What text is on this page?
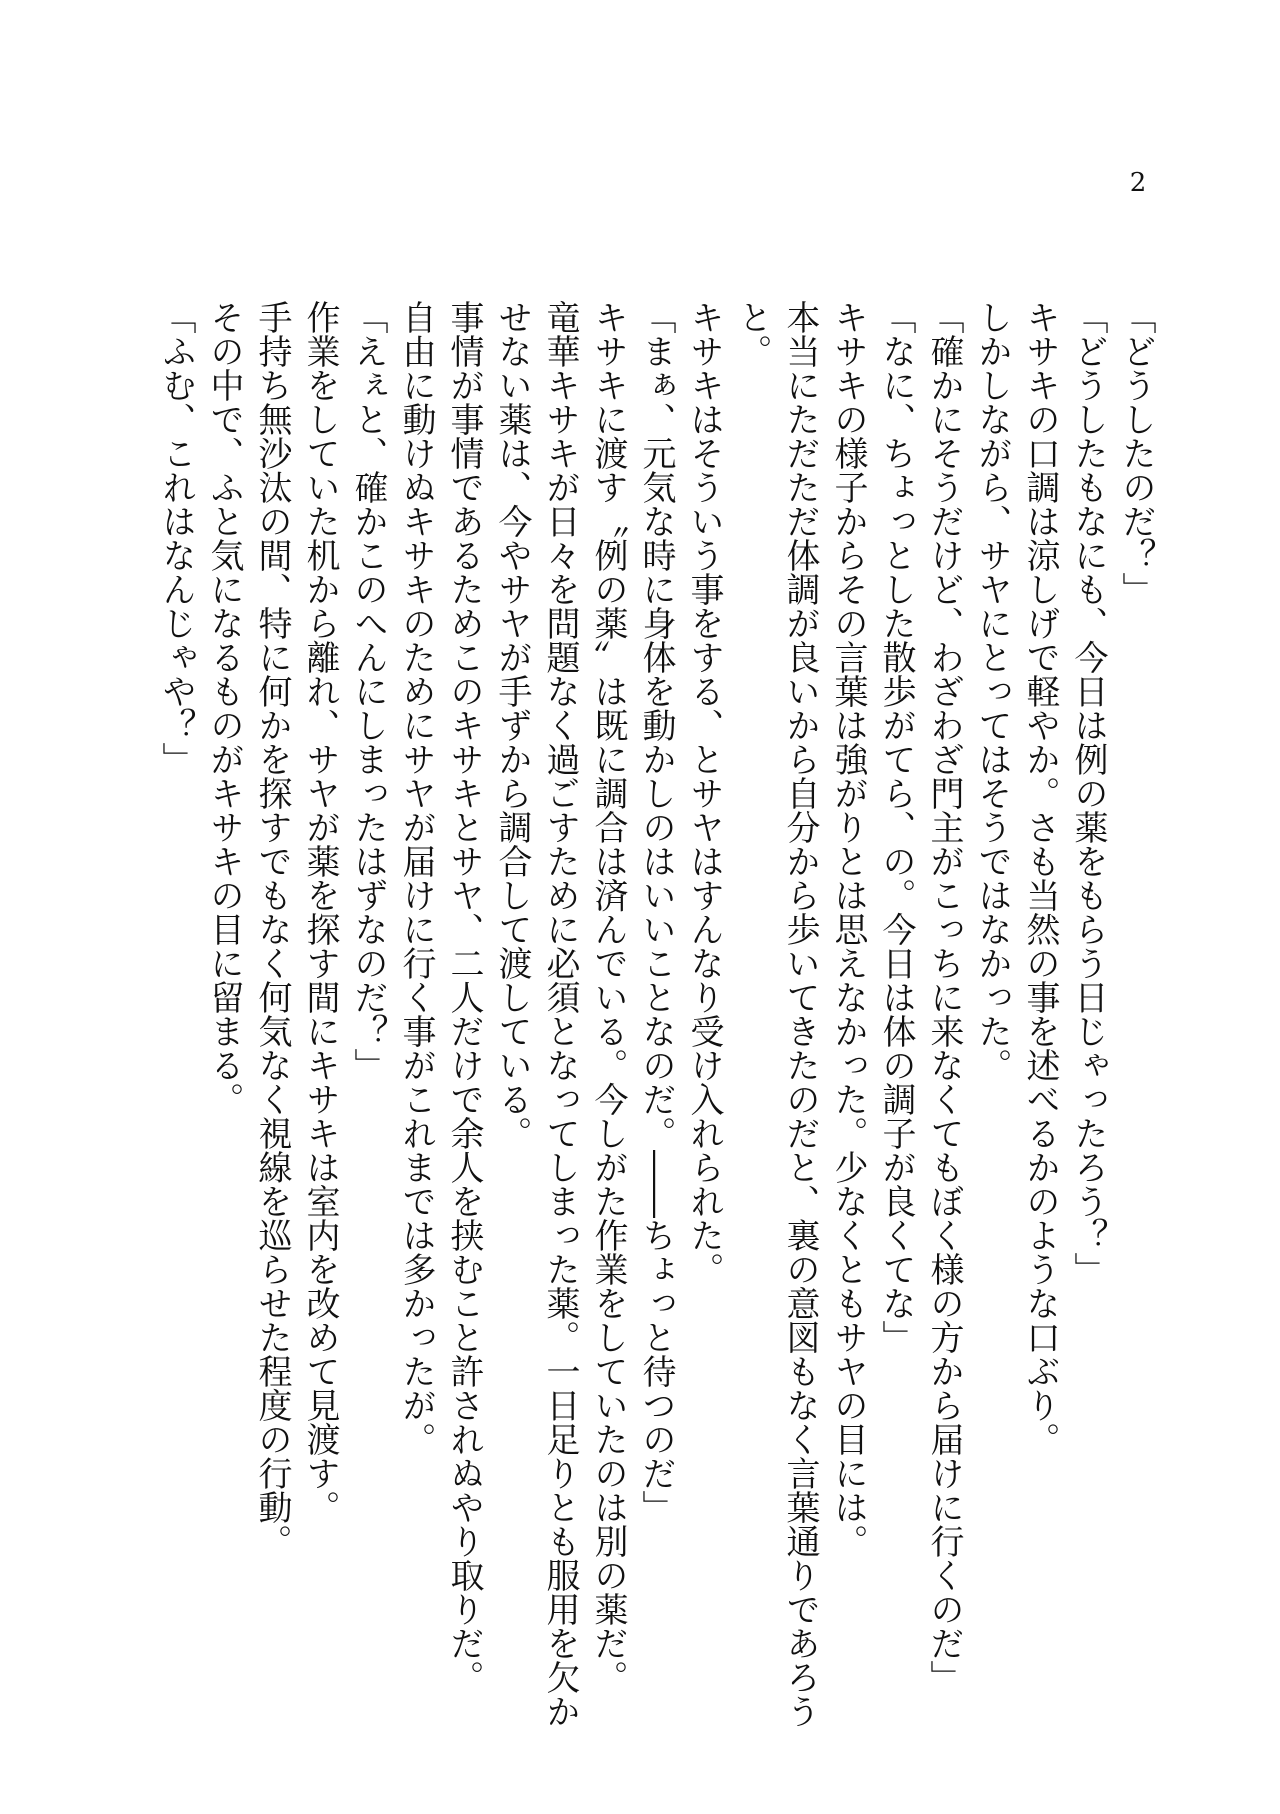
2
「どうしたのだ？」
「どうしたもなにも、今日は例の薬をもらう日じゃったろう？」
キサキの口調は涼しげで軽やか。さも当然の事を述べるかのような口ぶり。
しかしながら、サヤにとってはそうではなかった。
「確かにそうだけど、わざわざ門主がこっちに来なくてもぼく様の方から届けに行くのだ」
「なに、ちょっとした散歩がてら、の。今日は体の調子が良くてな」
キサキの様子からその言葉は強がりとは思えなかった。少なくともサヤの目には。
本当にただただ体調が良いから自分から歩いてきたのだと、裏の意図もなく言葉通りであろう
と。
キサキはそういう事をする、とサヤはすんなり受け入れられた。
「まぁ、元気な時に身体を動かしのはいいことなのだ。――ちょっと待つのだ」
キサキに渡す〝例の薬〟は既に調合は済んでいる。今しがた作業をしていたのは別の薬だ。
竜華キサキが日々を問題なく過ごすために必須となってしまった薬。一日足りとも服用を欠か
せない薬は、今やサヤが手ずから調合して渡している。
事情が事情であるためこのキサキとサヤ、二人だけで余人を挟むこと許されぬやり取りだ。
自由に動けぬキサキのためにサヤが届けに行く事がこれまでは多かったが。
「えぇと、確かこのへんにしまったはずなのだ？」
作業をしていた机から離れ、サヤが薬を探す間にキサキは室内を改めて見渡す。
手持ち無沙汰の間、特に何かを探すでもなく何気なく視線を巡らせた程度の行動。
その中で、ふと気になるものがキサキの目に留まる。
「ふむ、これはなんじゃや？」
